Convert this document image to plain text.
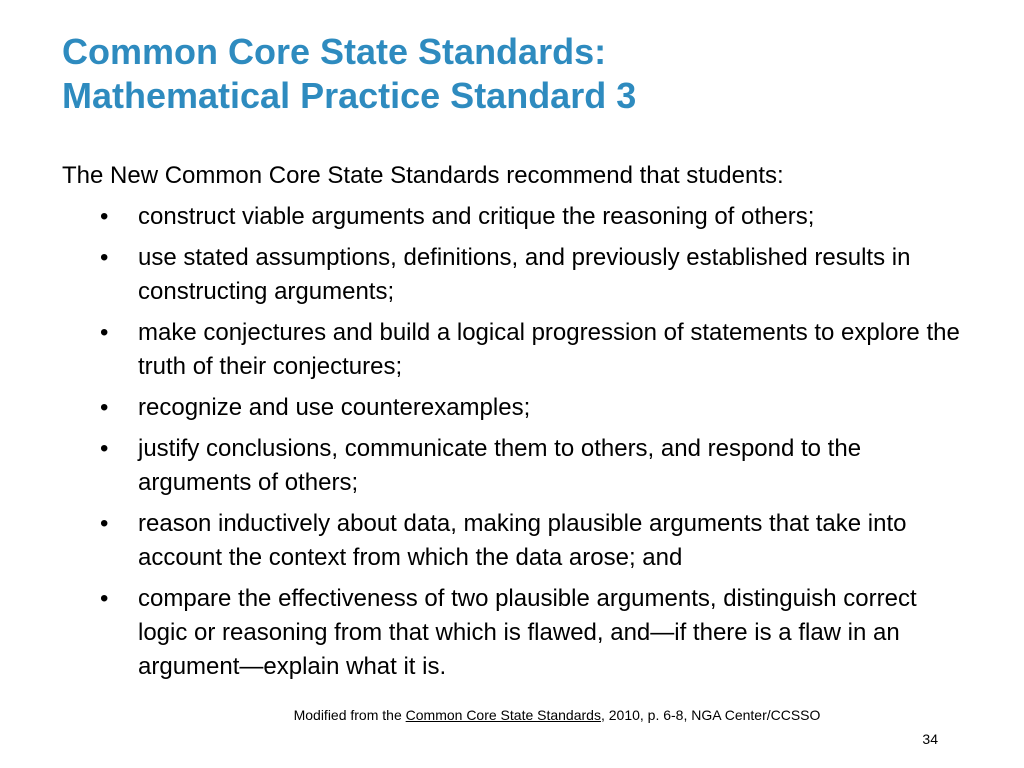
Common Core State Standards:
Mathematical Practice Standard 3

The New Common Core State Standards recommend that students:

• construct viable arguments and critique the reasoning of others;
• use stated assumptions, definitions, and previously established results in constructing arguments;
• make conjectures and build a logical progression of statements to explore the truth of their conjectures;
• recognize and use counterexamples;
• justify conclusions, communicate them to others, and respond to the arguments of others;
• reason inductively about data, making plausible arguments that take into account the context from which the data arose; and
• compare the effectiveness of two plausible arguments, distinguish correct logic or reasoning from that which is flawed, and—if there is a flaw in an argument—explain what it is.
Modified from the Common Core State Standards, 2010, p. 6-8, NGA Center/CCSSO
34
